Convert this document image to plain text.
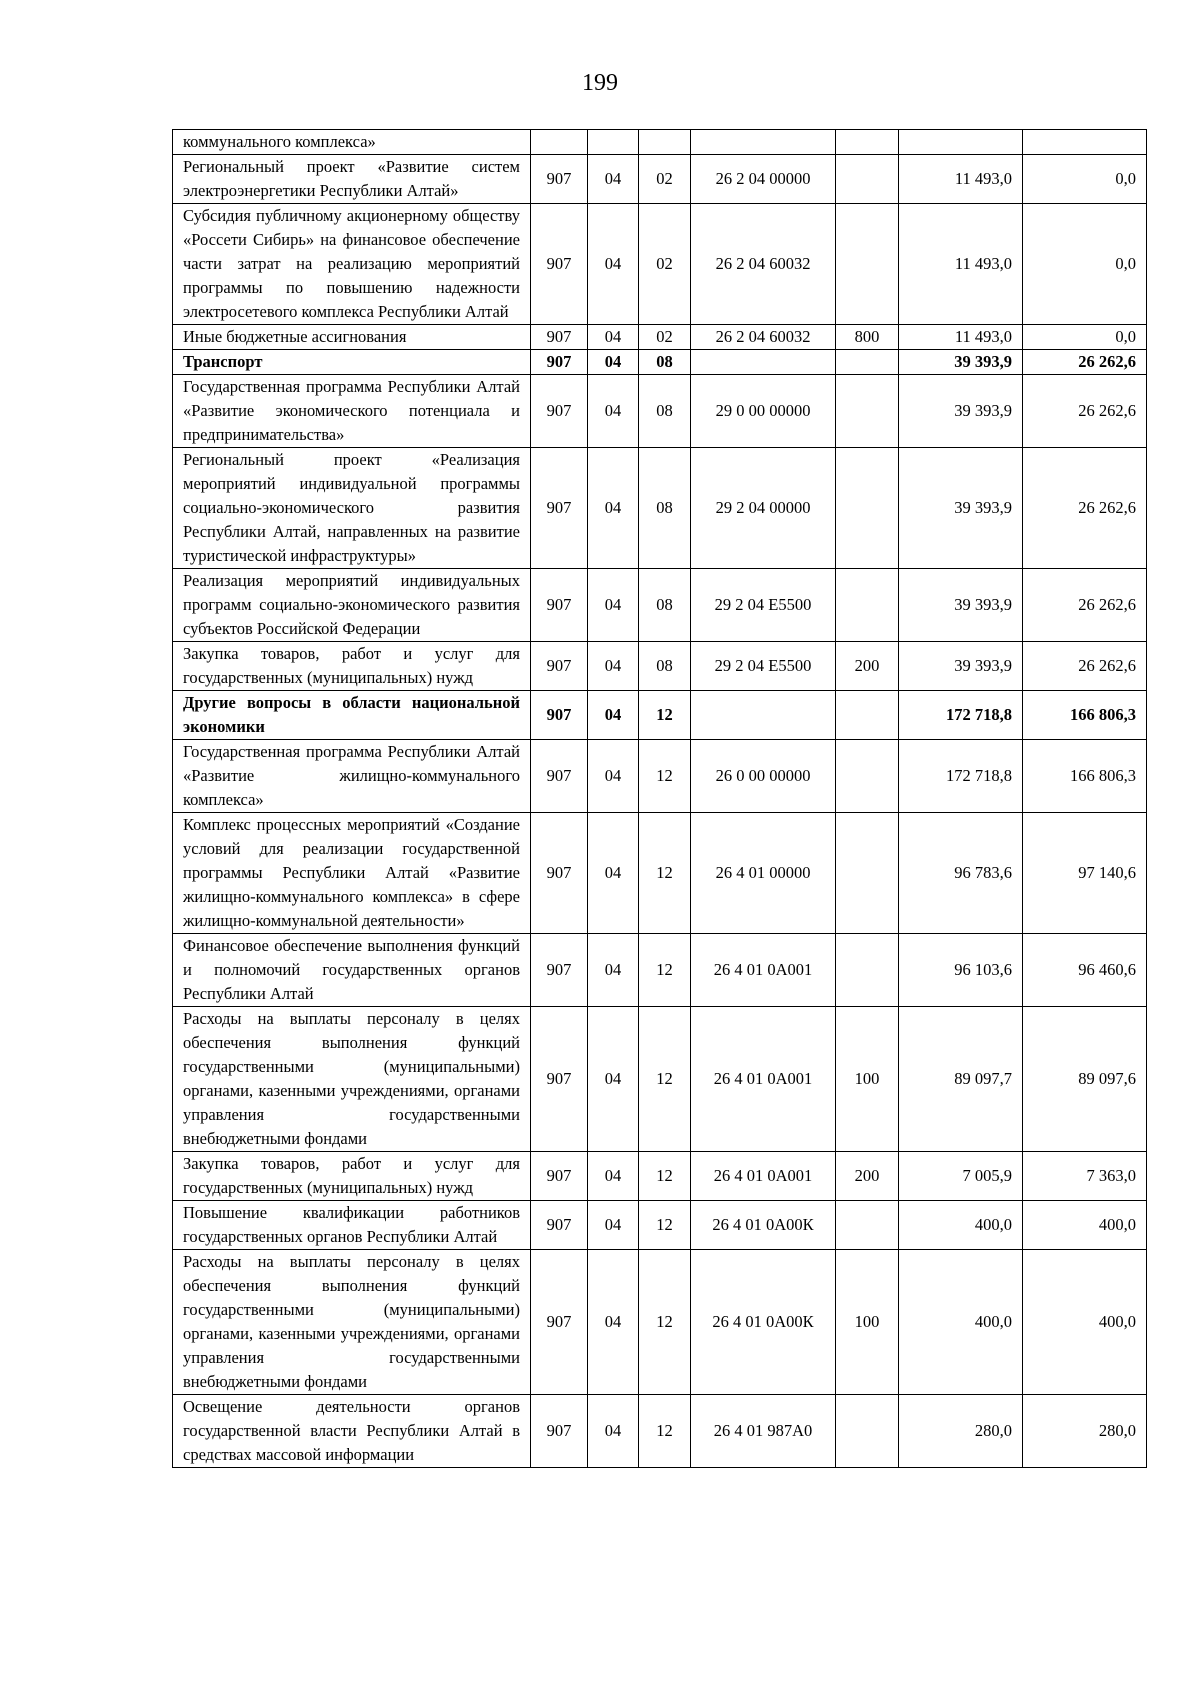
199
коммунального комплекса»							
Региональный проект «Развитие систем электроэнергетики Республики Алтай»	907	04	02	26 2 04 00000		11 493,0	0,0
Субсидия публичному акционерному обществу «Россети Сибирь» на финансовое обеспечение части затрат на реализацию мероприятий программы по повышению надежности электросетевого комплекса Республики Алтай	907	04	02	26 2 04 60032		11 493,0	0,0
Иные бюджетные ассигнования	907	04	02	26 2 04 60032	800	11 493,0	0,0
Транспорт	907	04	08			39 393,9	26 262,6
Государственная программа Республики Алтай «Развитие экономического потенциала и предпринимательства»	907	04	08	29 0 00 00000		39 393,9	26 262,6
Региональный проект «Реализация мероприятий индивидуальной программы социально-экономического развития Республики Алтай, направленных на развитие туристической инфраструктуры»	907	04	08	29 2 04 00000		39 393,9	26 262,6
Реализация мероприятий индивидуальных программ социально-экономического развития субъектов Российской Федерации	907	04	08	29 2 04 Е5500		39 393,9	26 262,6
Закупка товаров, работ и услуг для государственных (муниципальных) нужд	907	04	08	29 2 04 Е5500	200	39 393,9	26 262,6
Другие вопросы в области национальной экономики	907	04	12			172 718,8	166 806,3
Государственная программа Республики Алтай «Развитие жилищно-коммунального комплекса»	907	04	12	26 0 00 00000		172 718,8	166 806,3
Комплекс процессных мероприятий «Создание условий для реализации государственной программы Республики Алтай «Развитие жилищно-коммунального комплекса» в сфере жилищно-коммунальной деятельности»	907	04	12	26 4 01 00000		96 783,6	97 140,6
Финансовое обеспечение выполнения функций и полномочий государственных органов Республики Алтай	907	04	12	26 4 01 0А001		96 103,6	96 460,6
Расходы на выплаты персоналу в целях обеспечения выполнения функций государственными (муниципальными) органами, казенными учреждениями, органами управления государственными внебюджетными фондами	907	04	12	26 4 01 0А001	100	89 097,7	89 097,6
Закупка товаров, работ и услуг для государственных (муниципальных) нужд	907	04	12	26 4 01 0А001	200	7 005,9	7 363,0
Повышение квалификации работников государственных органов Республики Алтай	907	04	12	26 4 01 0А00К		400,0	400,0
Расходы на выплаты персоналу в целях обеспечения выполнения функций государственными (муниципальными) органами, казенными учреждениями, органами управления государственными внебюджетными фондами	907	04	12	26 4 01 0А00К	100	400,0	400,0
Освещение деятельности органов государственной власти Республики Алтай в средствах массовой информации	907	04	12	26 4 01 987А0		280,0	280,0
